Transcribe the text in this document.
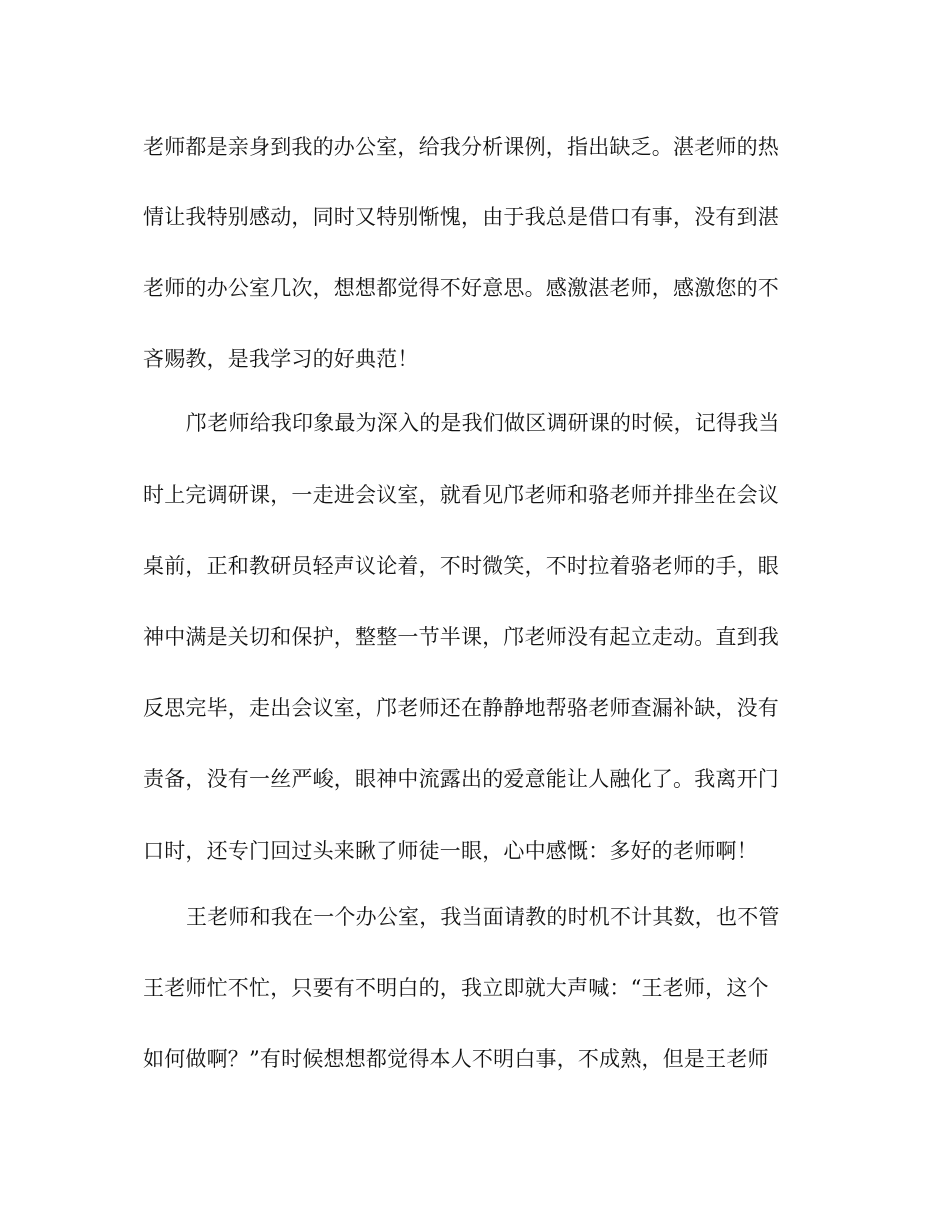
老师都是亲身到我的办公室，给我分析课例，指出缺乏。湛老师的热
情让我特别感动，同时又特别惭愧，由于我总是借口有事，没有到湛
老师的办公室几次，想想都觉得不好意思。感激湛老师，感激您的不
吝赐教，是我学习的好典范！
邝老师给我印象最为深入的是我们做区调研课的时候，记得我当
时上完调研课，一走进会议室，就看见邝老师和骆老师并排坐在会议
桌前，正和教研员轻声议论着，不时微笑，不时拉着骆老师的手，眼
神中满是关切和保护，整整一节半课，邝老师没有起立走动。直到我
反思完毕，走出会议室，邝老师还在静静地帮骆老师查漏补缺，没有
责备，没有一丝严峻，眼神中流露出的爱意能让人融化了。我离开门
口时，还专门回过头来瞅了师徒一眼，心中感慨：多好的老师啊！
王老师和我在一个办公室，我当面请教的时机不计其数，也不管
王老师忙不忙，只要有不明白的，我立即就大声喊：“王老师，这个
如何做啊？”有时候想想都觉得本人不明白事，不成熟，但是王老师
